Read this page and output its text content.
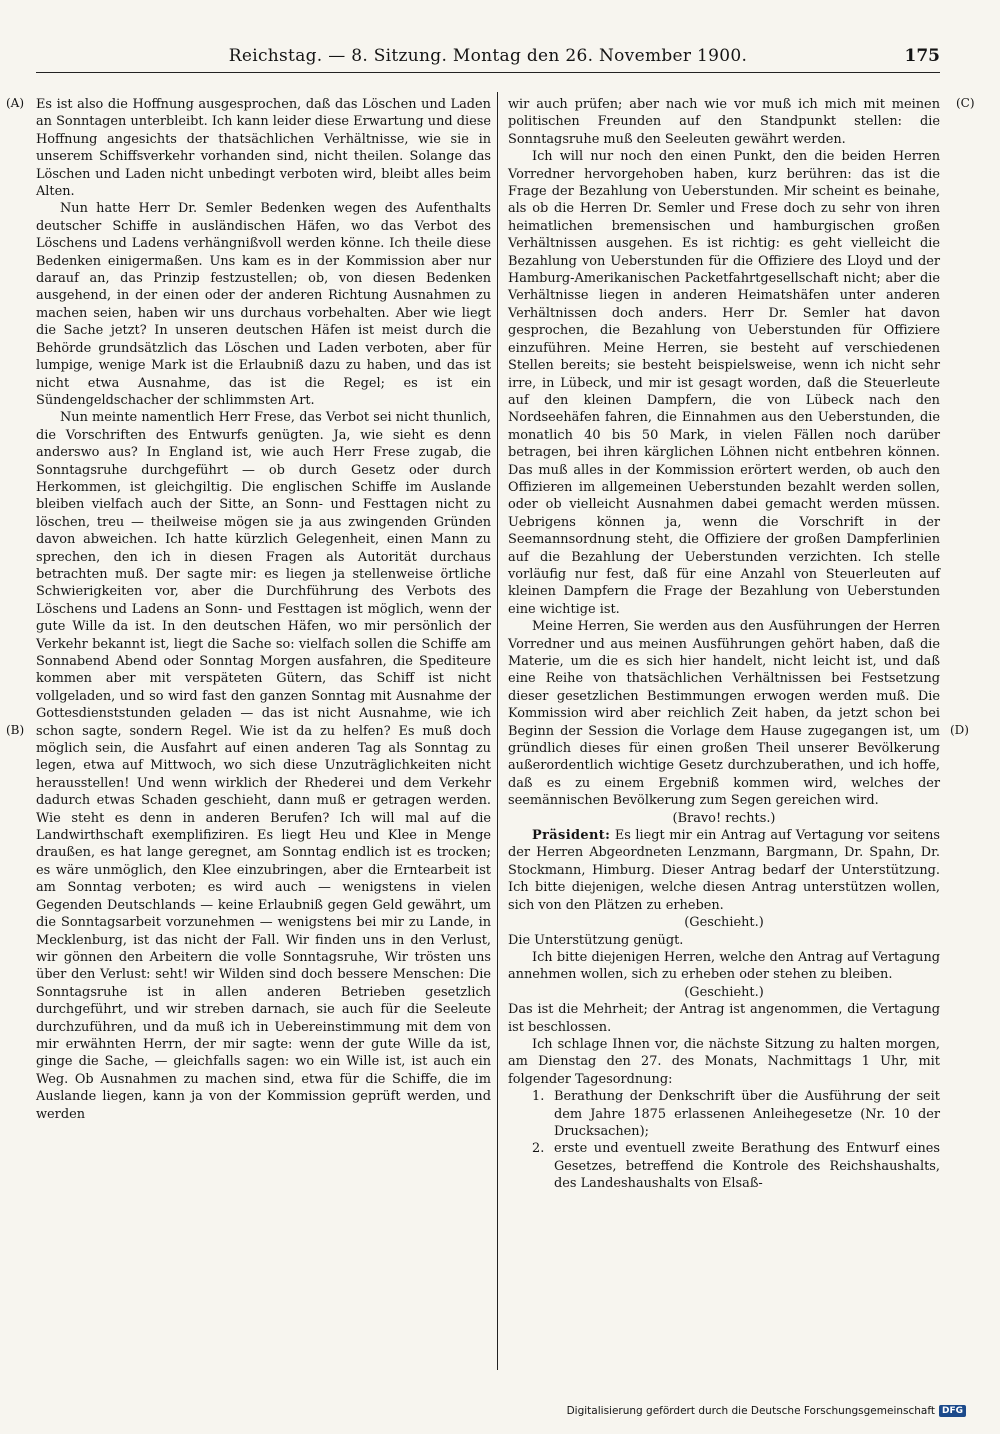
Reichstag. — 8. Sitzung. Montag den 26. November 1900.	175
(A)
(B)
(C)
(D)

Es ist also die Hoffnung ausgesprochen, daß das Löschen und Laden an Sonntagen unterbleibt. Ich kann leider diese Erwartung und diese Hoffnung angesichts der thatsächlichen Verhältnisse, wie sie in unserem Schiffsverkehr vorhanden sind, nicht theilen. Solange das Löschen und Laden nicht unbedingt verboten wird, bleibt alles beim Alten.

Nun hatte Herr Dr. Semler Bedenken wegen des Aufenthalts deutscher Schiffe in ausländischen Häfen, wo das Verbot des Löschens und Ladens verhängnißvoll werden könne. Ich theile diese Bedenken einigermaßen. Uns kam es in der Kommission aber nur darauf an, das Prinzip festzustellen; ob, von diesen Bedenken ausgehend, in der einen oder der anderen Richtung Ausnahmen zu machen seien, haben wir uns durchaus vorbehalten. Aber wie liegt die Sache jetzt? In unseren deutschen Häfen ist meist durch die Behörde grundsätzlich das Löschen und Laden verboten, aber für lumpige, wenige Mark ist die Erlaubniß dazu zu haben, und das ist nicht etwa Ausnahme, das ist die Regel; es ist ein Sündengeldschacher der schlimmsten Art.

Nun meinte namentlich Herr Frese, das Verbot sei nicht thunlich, die Vorschriften des Entwurfs genügten. Ja, wie sieht es denn anderswo aus? In England ist, wie auch Herr Frese zugab, die Sonntagsruhe durchgeführt — ob durch Gesetz oder durch Herkommen, ist gleichgiltig. Die englischen Schiffe im Auslande bleiben vielfach auch der Sitte, an Sonn- und Festtagen nicht zu löschen, treu — theilweise mögen sie ja aus zwingenden Gründen davon abweichen. Ich hatte kürzlich Gelegenheit, einen Mann zu sprechen, den ich in diesen Fragen als Autorität durchaus betrachten muß. Der sagte mir: es liegen ja stellenweise örtliche Schwierigkeiten vor, aber die Durchführung des Verbots des Löschens und Ladens an Sonn- und Festtagen ist möglich, wenn der gute Wille da ist. In den deutschen Häfen, wo mir persönlich der Verkehr bekannt ist, liegt die Sache so: vielfach sollen die Schiffe am Sonnabend Abend oder Sonntag Morgen ausfahren, die Spediteure kommen aber mit verspäteten Gütern, das Schiff ist nicht vollgeladen, und so wird fast den ganzen Sonntag mit Ausnahme der Gottesdienststunden geladen — das ist nicht Ausnahme, wie ich schon sagte, sondern Regel. Wie ist da zu helfen? Es muß doch möglich sein, die Ausfahrt auf einen anderen Tag als Sonntag zu legen, etwa auf Mittwoch, wo sich diese Unzuträglichkeiten nicht herausstellen! Und wenn wirklich der Rhederei und dem Verkehr dadurch etwas Schaden geschieht, dann muß er getragen werden. Wie steht es denn in anderen Berufen? Ich will mal auf die Landwirthschaft exemplifiziren. Es liegt Heu und Klee in Menge draußen, es hat lange geregnet, am Sonntag endlich ist es trocken; es wäre unmöglich, den Klee einzubringen, aber die Erntearbeit ist am Sonntag verboten; es wird auch — wenigstens in vielen Gegenden Deutschlands — keine Erlaubniß gegen Geld gewährt, um die Sonntagsarbeit vorzunehmen — wenigstens bei mir zu Lande, in Mecklenburg, ist das nicht der Fall. Wir finden uns in den Verlust, wir gönnen den Arbeitern die volle Sonntagsruhe, Wir trösten uns über den Verlust: seht! wir Wilden sind doch bessere Menschen: Die Sonntagsruhe ist in allen anderen Betrieben gesetzlich durchgeführt, und wir streben darnach, sie auch für die Seeleute durchzuführen, und da muß ich in Uebereinstimmung mit dem von mir erwähnten Herrn, der mir sagte: wenn der gute Wille da ist, ginge die Sache, — gleichfalls sagen: wo ein Wille ist, ist auch ein Weg. Ob Ausnahmen zu machen sind, etwa für die Schiffe, die im Auslande liegen, kann ja von der Kommission geprüft werden, und werden

wir auch prüfen; aber nach wie vor muß ich mich mit meinen politischen Freunden auf den Standpunkt stellen: die Sonntagsruhe muß den Seeleuten gewährt werden.

Ich will nur noch den einen Punkt, den die beiden Herren Vorredner hervorgehoben haben, kurz berühren: das ist die Frage der Bezahlung von Ueberstunden. Mir scheint es beinahe, als ob die Herren Dr. Semler und Frese doch zu sehr von ihren heimatlichen bremensischen und hamburgischen großen Verhältnissen ausgehen. Es ist richtig: es geht vielleicht die Bezahlung von Ueberstunden für die Offiziere des Lloyd und der Hamburg-Amerikanischen Packetfahrtgesellschaft nicht; aber die Verhältnisse liegen in anderen Heimatshäfen unter anderen Verhältnissen doch anders. Herr Dr. Semler hat davon gesprochen, die Bezahlung von Ueberstunden für Offiziere einzuführen. Meine Herren, sie besteht auf verschiedenen Stellen bereits; sie besteht beispielsweise, wenn ich nicht sehr irre, in Lübeck, und mir ist gesagt worden, daß die Steuerleute auf den kleinen Dampfern, die von Lübeck nach den Nordseehäfen fahren, die Einnahmen aus den Ueberstunden, die monatlich 40 bis 50 Mark, in vielen Fällen noch darüber betragen, bei ihren kärglichen Löhnen nicht entbehren können. Das muß alles in der Kommission erörtert werden, ob auch den Offizieren im allgemeinen Ueberstunden bezahlt werden sollen, oder ob vielleicht Ausnahmen dabei gemacht werden müssen. Uebrigens können ja, wenn die Vorschrift in der Seemannsordnung steht, die Offiziere der großen Dampferlinien auf die Bezahlung der Ueberstunden verzichten. Ich stelle vorläufig nur fest, daß für eine Anzahl von Steuerleuten auf kleinen Dampfern die Frage der Bezahlung von Ueberstunden eine wichtige ist.

Meine Herren, Sie werden aus den Ausführungen der Herren Vorredner und aus meinen Ausführungen gehört haben, daß die Materie, um die es sich hier handelt, nicht leicht ist, und daß eine Reihe von thatsächlichen Verhältnissen bei Festsetzung dieser gesetzlichen Bestimmungen erwogen werden muß. Die Kommission wird aber reichlich Zeit haben, da jetzt schon bei Beginn der Session die Vorlage dem Hause zugegangen ist, um gründlich dieses für einen großen Theil unserer Bevölkerung außerordentlich wichtige Gesetz durchzuberathen, und ich hoffe, daß es zu einem Ergebniß kommen wird, welches der seemännischen Bevölkerung zum Segen gereichen wird.

(Bravo! rechts.)

Präsident: Es liegt mir ein Antrag auf Vertagung vor seitens der Herren Abgeordneten Lenzmann, Bargmann, Dr. Spahn, Dr. Stockmann, Himburg. Dieser Antrag bedarf der Unterstützung. Ich bitte diejenigen, welche diesen Antrag unterstützen wollen, sich von den Plätzen zu erheben.

(Geschieht.)

Die Unterstützung genügt.

Ich bitte diejenigen Herren, welche den Antrag auf Vertagung annehmen wollen, sich zu erheben oder stehen zu bleiben.

(Geschieht.)

Das ist die Mehrheit; der Antrag ist angenommen, die Vertagung ist beschlossen.

Ich schlage Ihnen vor, die nächste Sitzung zu halten morgen, am Dienstag den 27. des Monats, Nachmittags 1 Uhr, mit folgender Tagesordnung:

1. Berathung der Denkschrift über die Ausführung der seit dem Jahre 1875 erlassenen Anleihegesetze (Nr. 10 der Drucksachen);
2. erste und eventuell zweite Berathung des Entwurf eines Gesetzes, betreffend die Kontrole des Reichshaushalts, des Landeshaushalts von Elsaß-
Digitalisierung gefördert durch die Deutsche Forschungsgemeinschaft DFG
